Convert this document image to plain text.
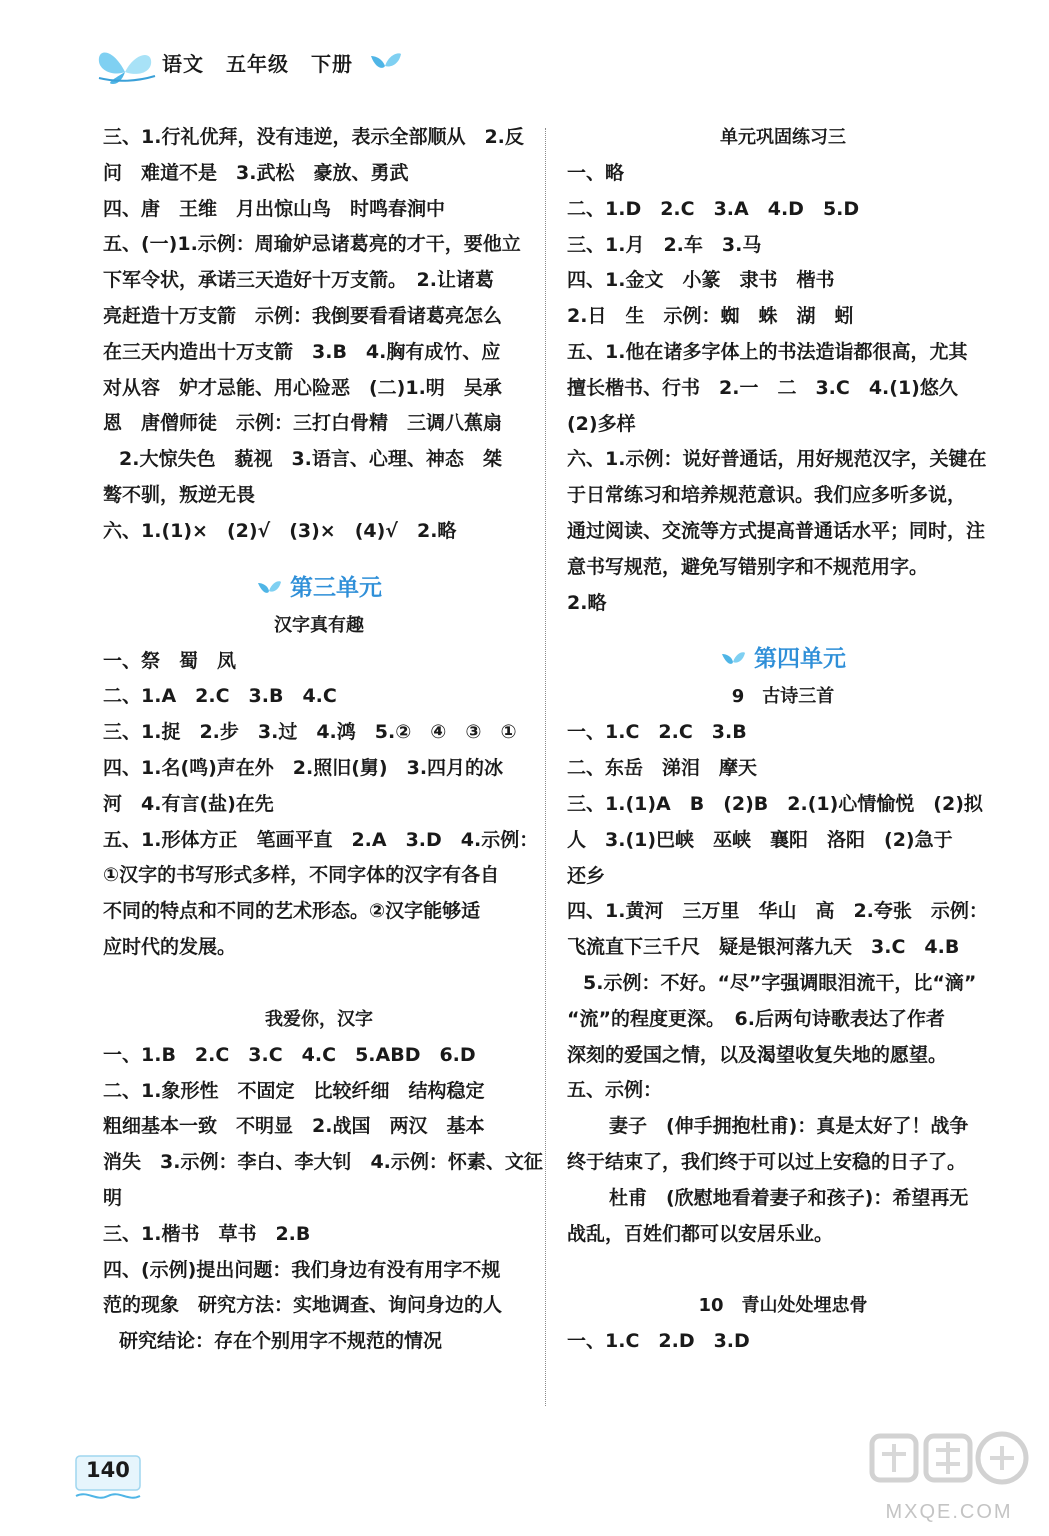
语文 五年级 下册
三、1.行礼优拜，没有违逆，表示全部顺从　2.反
问　难道不是　3.武松　豪放、勇武
四、唐　王维　月出惊山鸟　时鸣春涧中
五、(一)1.示例：周瑜妒忌诸葛亮的才干，要他立
下军令状，承诺三天造好十万支箭。　2.让诸葛
亮赶造十万支箭　示例：我倒要看看诸葛亮怎么
在三天内造出十万支箭　3.B　4.胸有成竹、应
对从容　妒才忌能、用心险恶　(二)1.明　吴承
恩　唐僧师徒　示例：三打白骨精　三调八蕉扇
2.大惊失色　藐视　3.语言、心理、神态　桀
骜不驯，叛逆无畏
六、1.(1)×　(2)√　(3)×　(4)√　2.略
第三单元
汉字真有趣
一、祭　蜀　凤
二、1.A　2.C　3.B　4.C
三、1.捉　2.步　3.过　4.鸿　5.②　④　③　①
四、1.名(鸣)声在外　2.照旧(舅)　3.四月的冰
河　4.有言(盐)在先
五、1.形体方正　笔画平直　2.A　3.D　4.示例：
①汉字的书写形式多样，不同字体的汉字有各自
不同的特点和不同的艺术形态。②汉字能够适
应时代的发展。
我爱你，汉字
一、1.B　2.C　3.C　4.C　5.ABD　6.D
二、1.象形性　不固定　比较纤细　结构稳定
粗细基本一致　不明显　2.战国　两汉　基本
消失　3.示例：李白、李大钊　4.示例：怀素、文征
明
三、1.楷书　草书　2.B
四、(示例)提出问题：我们身边有没有用字不规
范的现象　研究方法：实地调查、询问身边的人
研究结论：存在个别用字不规范的情况
单元巩固练习三
一、略
二、1.D　2.C　3.A　4.D　5.D
三、1.月　2.车　3.马
四、1.金文　小篆　隶书　楷书
2.日　生　示例：蜘　蛛　湖　蚓
五、1.他在诸多字体上的书法造诣都很高，尤其
擅长楷书、行书　2.一　二　3.C　4.(1)悠久
(2)多样
六、1.示例：说好普通话，用好规范汉字，关键在
于日常练习和培养规范意识。我们应多听多说，
通过阅读、交流等方式提高普通话水平；同时，注
意书写规范，避免写错别字和不规范用字。
2.略
第四单元
9　古诗三首
一、1.C　2.C　3.B
二、东岳　涕泪　摩天
三、1.(1)A　B　(2)B　2.(1)心情愉悦　(2)拟
人　3.(1)巴峡　巫峡　襄阳　洛阳　(2)急于
还乡
四、1.黄河　三万里　华山　高　2.夸张　示例：
飞流直下三千尺　疑是银河落九天　3.C　4.B
5.示例：不好。“尽”字强调眼泪流干，比“滴”
“流”的程度更深。　6.后两句诗歌表达了作者
深刻的爱国之情，以及渴望收复失地的愿望。
五、示例：
妻子　(伸手拥抱杜甫)：真是太好了！战争
终于结束了，我们终于可以过上安稳的日子了。
杜甫　(欣慰地看着妻子和孩子)：希望再无
战乱，百姓们都可以安居乐业。
10　青山处处埋忠骨
一、1.C　2.D　3.D
140
MXQE.COM
